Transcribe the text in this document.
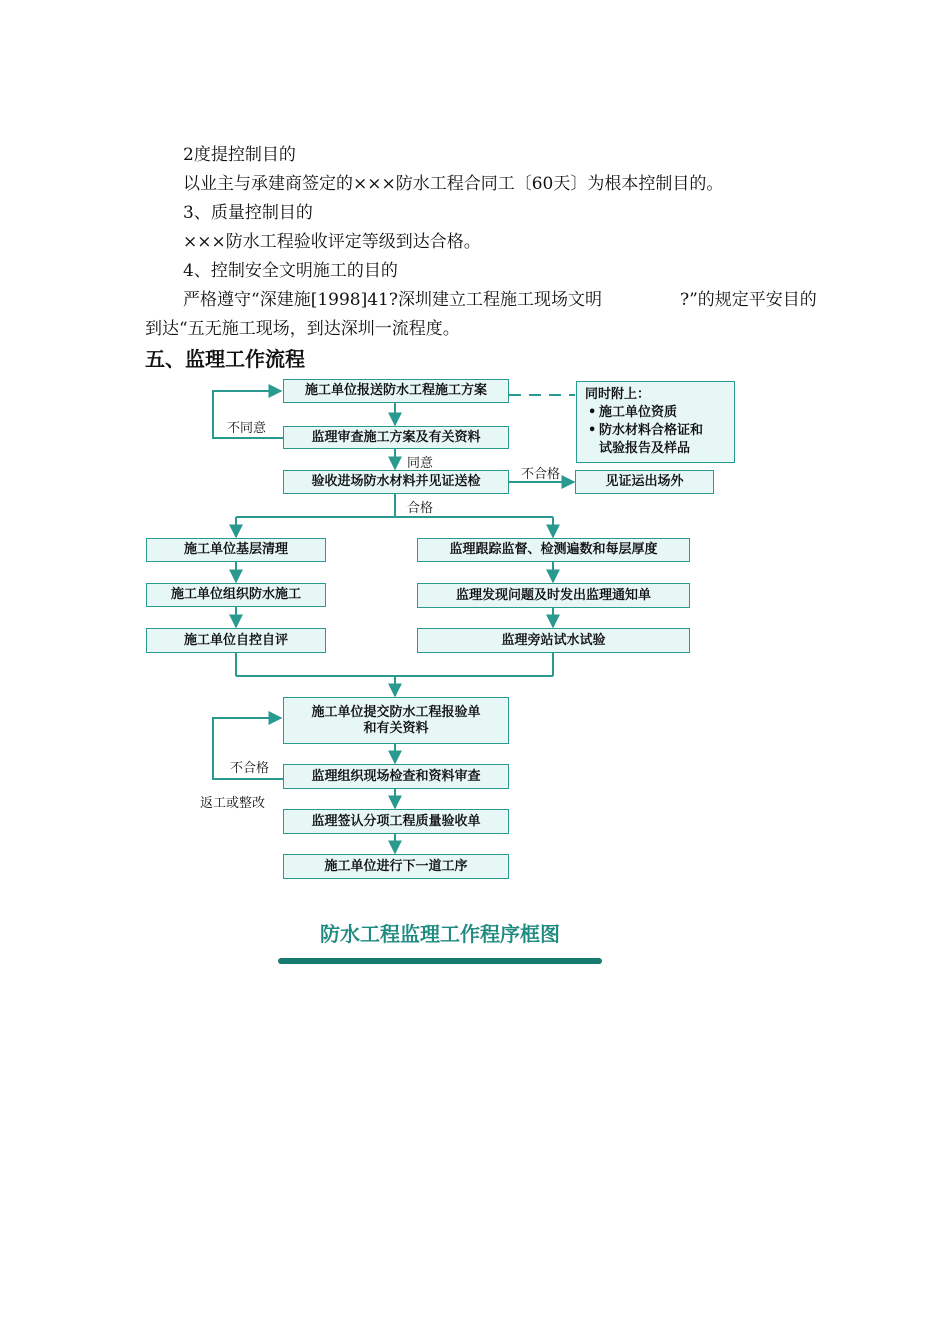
2度提控制目的
以业主与承建商签定的×××防水工程合同工〔60天〕为根本控制目的。
3、质量控制目的
×××防水工程验收评定等级到达合格。
4、控制安全文明施工的目的
严格遵守“深建施[1998]41?深圳建立工程施工现场文明	?”的规定平安目的
到达“五无施工现场，到达深圳一流程度。
五、监理工作流程
施工单位报送防水工程施工方案
监理审查施工方案及有关资料
验收进场防水材料并见证送检	见证运出场外
同时附上：
• 施工单位资质
• 防水材料合格证和
试验报告及样品
施工单位基层清理
施工单位组织防水施工
施工单位自控自评
监理跟踪监督、检测遍数和每层厚度
监理发现问题及时发出监理通知单
监理旁站试水试验
施工单位提交防水工程报验单
和有关资料
监理组织现场检查和资料审查
监理签认分项工程质量验收单
施工单位进行下一道工序
不同意
同意
不合格
合格
不合格
返工或整改
防水工程监理工作程序框图
